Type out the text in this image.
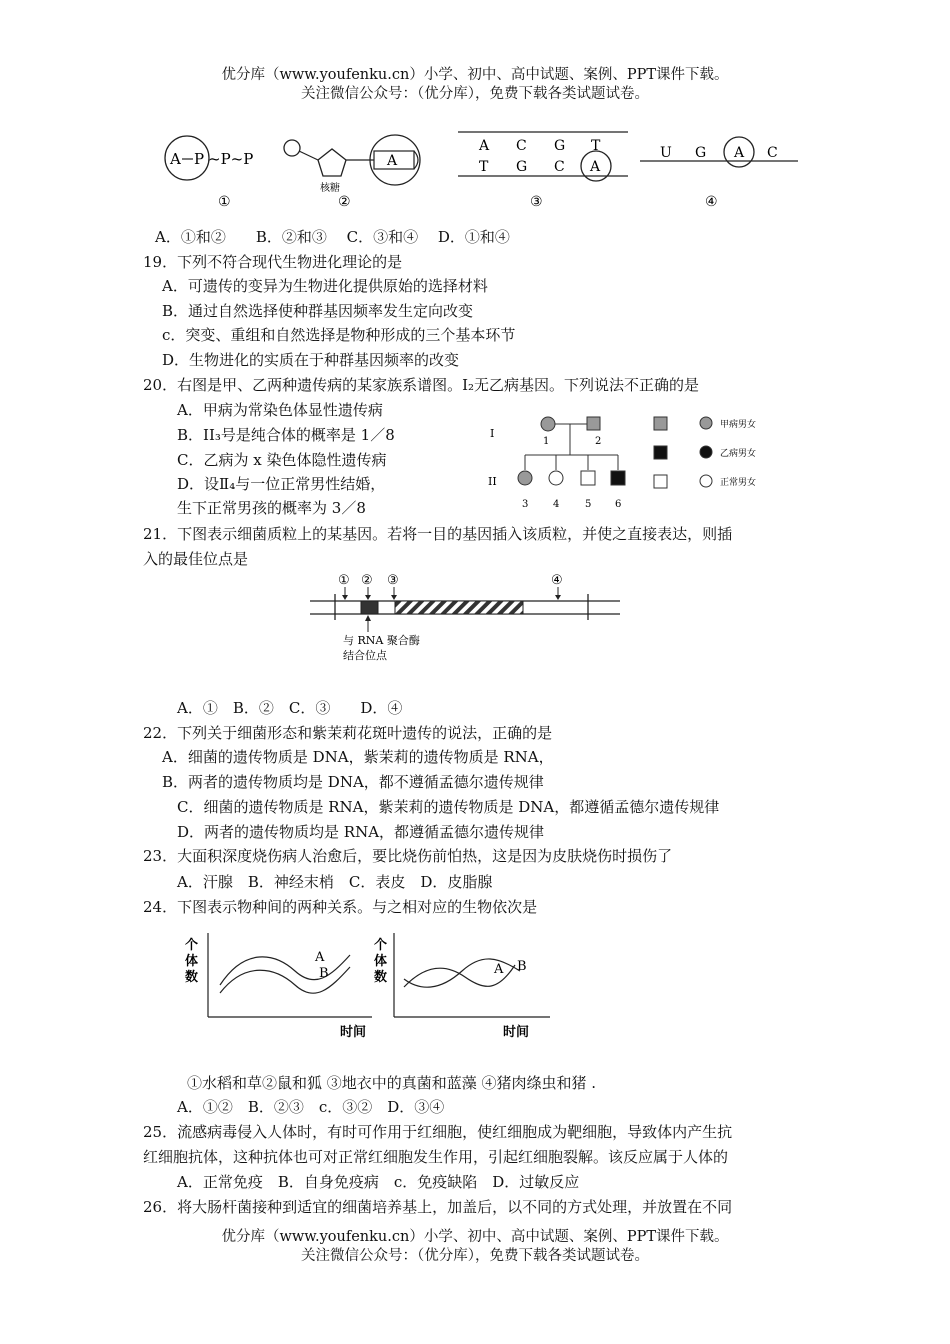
优分库（www.youfenku.cn）小学、初中、高中试题、案例、PPT课件下载。
关注微信公众号：（优分库），免费下载各类试题试卷。
A P ~P~P
①
核糖
A
②
A C G T
T G C A
③
U G A C
④
A．①和②　　B．②和③　 C．③和④　 D．①和④
19．下列不符合现代生物进化理论的是
A．可遗传的变异为生物进化提供原始的选择材料
B．通过自然选择使种群基因频率发生定向改变
c．突变、重组和自然选择是物种形成的三个基本环节
D．生物进化的实质在于种群基因频率的改变
20．右图是甲、乙两种遗传病的某家族系谱图。I₂无乙病基因。下列说法不正确的是
A．甲病为常染色体显性遗传病
B．II₃号是纯合体的概率是 1／8
C．乙病为 x 染色体隐性遗传病
D．设Ⅱ₄与一位正常男性结婚，
生下正常男孩的概率为 3／8
I
II
1	2
3 4	5 6
甲病男女
乙病男女
正常男女
21．下图表示细菌质粒上的某基因。若将一目的基因插入该质粒，并使之直接表达，则插
入的最佳位点是
① ② ③	④
与 RNA 聚合酶
结合位点
A．①　B．②　C．③　　D．④
22．下列关于细菌形态和紫茉莉花斑叶遗传的说法，正确的是
A．细菌的遗传物质是 DNA，紫茉莉的遗传物质是 RNA，
B．两者的遗传物质均是 DNA，都不遵循孟德尔遗传规律
C．细菌的遗传物质是 RNA，紫茉莉的遗传物质是 DNA，都遵循孟德尔遗传规律
D．两者的遗传物质均是 RNA，都遵循孟德尔遗传规律
23．大面积深度烧伤病人治愈后，要比烧伤前怕热，这是因为皮肤烧伤时损伤了
A．汗腺　B．神经末梢　C．表皮　D．皮脂腺
24．下图表示物种间的两种关系。与之相对应的生物依次是
个
体
数
A
B
时间
个
体
数
A B
时间
①水稻和草②鼠和狐 ③地衣中的真菌和蓝藻 ④猪肉绦虫和猪 .
A．①②　B．②③　c．③②　D．③④
25．流感病毒侵入人体时，有时可作用于红细胞，使红细胞成为靶细胞，导致体内产生抗
红细胞抗体，这种抗体也可对正常红细胞发生作用，引起红细胞裂解。该反应属于人体的
A．正常免疫　B．自身免疫病　c．免疫缺陷　D．过敏反应
26．将大肠杆菌接种到适宜的细菌培养基上，加盖后，以不同的方式处理，并放置在不同
优分库（www.youfenku.cn）小学、初中、高中试题、案例、PPT课件下载。
关注微信公众号：（优分库），免费下载各类试题试卷。
